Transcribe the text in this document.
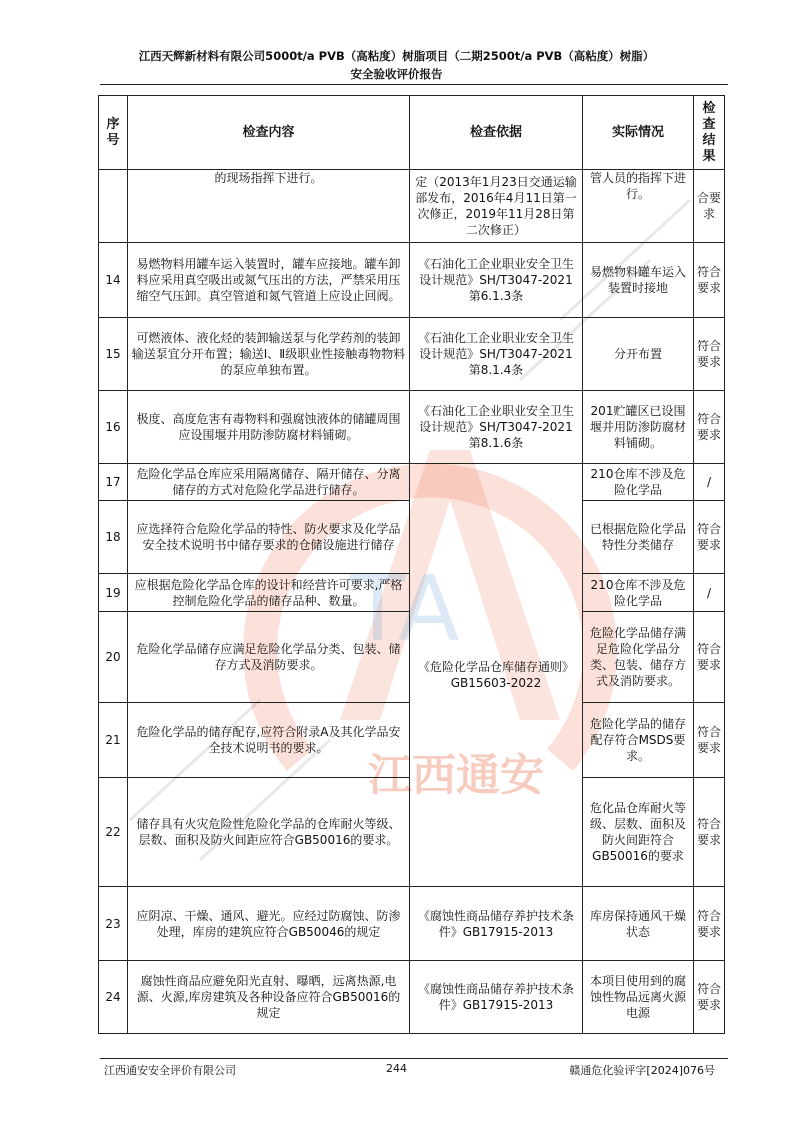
江西天辉新材料有限公司5000t/a PVB（高粘度）树脂项目（二期2500t/a PVB（高粘度）树脂）
安全验收评价报告
TA
江西通安
序号	检查内容	检查依据	实际情况	检查结果
	的现场指挥下进行。	定（2013年1月23日交通运输部发布，2016年4月11日第一次修正，2019年11月28日第二次修正）	管人员的指挥下进行。	合要求
14	易燃物料用罐车运入装置时，罐车应接地。罐车卸料应采用真空吸出或氮气压出的方法，严禁采用压缩空气压卸。真空管道和氮气管道上应设止回阀。	《石油化工企业职业安全卫生设计规范》SH/T3047-2021 第6.1.3条	易燃物料罐车运入装置时接地	符合要求
15	可燃液体、液化烃的装卸输送泵与化学药剂的装卸输送泵宜分开布置；输送Ⅰ、Ⅱ级职业性接触毒物物料的泵应单独布置。	《石油化工企业职业安全卫生设计规范》SH/T3047-2021 第8.1.4条	分开布置	符合要求
16	极度、高度危害有毒物料和强腐蚀液体的储罐周围应设围堰并用防渗防腐材料铺砌。	《石油化工企业职业安全卫生设计规范》SH/T3047-2021 第8.1.6条	201贮罐区已设围堰并用防渗防腐材料铺砌。	符合要求
17	危险化学品仓库应采用隔离储存、隔开储存、分离储存的方式对危险化学品进行储存。	《危险化学品仓库储存通则》GB15603-2022	210仓库不涉及危险化学品	/
18	应选择符合危险化学品的特性、防火要求及化学品安全技术说明书中储存要求的仓储设施进行储存		已根据危险化学品特性分类储存	符合要求
19	应根据危险化学品仓库的设计和经营许可要求,严格控制危险化学品的储存品种、数量。		210仓库不涉及危险化学品	/
20	危险化学品储存应满足危险化学品分类、包装、储存方式及消防要求。		危险化学品储存满足危险化学品分类、包装、储存方式及消防要求。	符合要求
21	危险化学品的储存配存,应符合附录A及其化学品安全技术说明书的要求。		危险化学品的储存配存符合MSDS要求。	符合要求
22	储存具有火灾危险性危险化学品的仓库耐火等级、层数、面积及防火间距应符合GB50016的要求。		危化品仓库耐火等级、层数、面积及防火间距符合GB50016的要求	符合要求
23	应阴凉、干燥、通风、避光。应经过防腐蚀、防渗处理，库房的建筑应符合GB50046的规定	《腐蚀性商品储存养护技术条件》GB17915-2013	库房保持通风干燥状态	符合要求
24	腐蚀性商品应避免阳光直射、曝晒，远离热源,电源、火源,库房建筑及各种设备应符合GB50016的规定	《腐蚀性商品储存养护技术条件》GB17915-2013	本项目使用到的腐蚀性物品远离火源电源	符合要求
江西通安安全评价有限公司	244	赣通危化验评字[2024]076号
